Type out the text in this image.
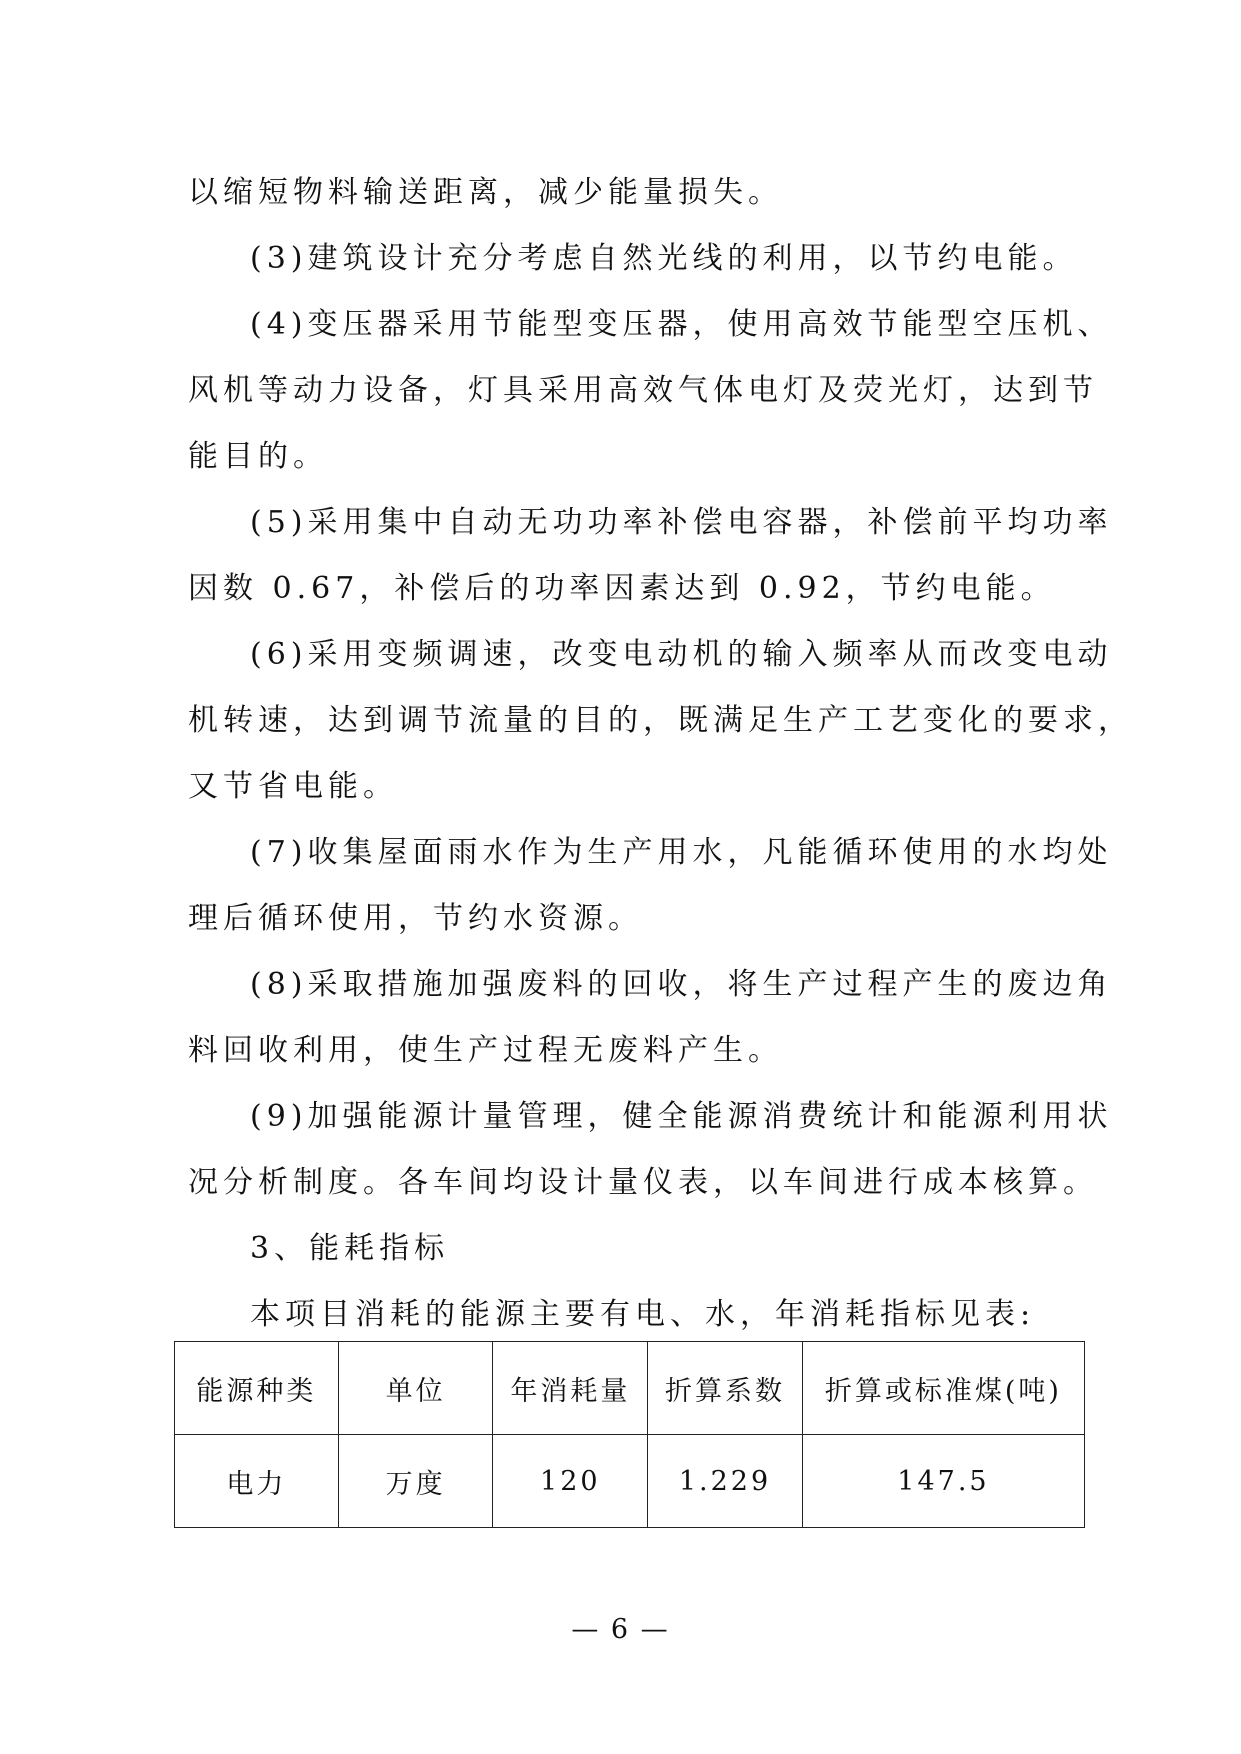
以缩短物料输送距离，减少能量损失。
(3)建筑设计充分考虑自然光线的利用，以节约电能。
(4)变压器采用节能型变压器，使用高效节能型空压机、
风机等动力设备，灯具采用高效气体电灯及荧光灯，达到节
能目的。
(5)采用集中自动无功功率补偿电容器，补偿前平均功率
因数 0.67，补偿后的功率因素达到 0.92，节约电能。
(6)采用变频调速，改变电动机的输入频率从而改变电动
机转速，达到调节流量的目的，既满足生产工艺变化的要求，
又节省电能。
(7)收集屋面雨水作为生产用水，凡能循环使用的水均处
理后循环使用，节约水资源。
(8)采取措施加强废料的回收，将生产过程产生的废边角
料回收利用，使生产过程无废料产生。
(9)加强能源计量管理，健全能源消费统计和能源利用状
况分析制度。各车间均设计量仪表，以车间进行成本核算。
3、能耗指标
本项目消耗的能源主要有电、水，年消耗指标见表:
能源种类	单位	年消耗量	折算系数	折算或标准煤(吨)
电力	万度	120	1.229	147.5
— 6 —
